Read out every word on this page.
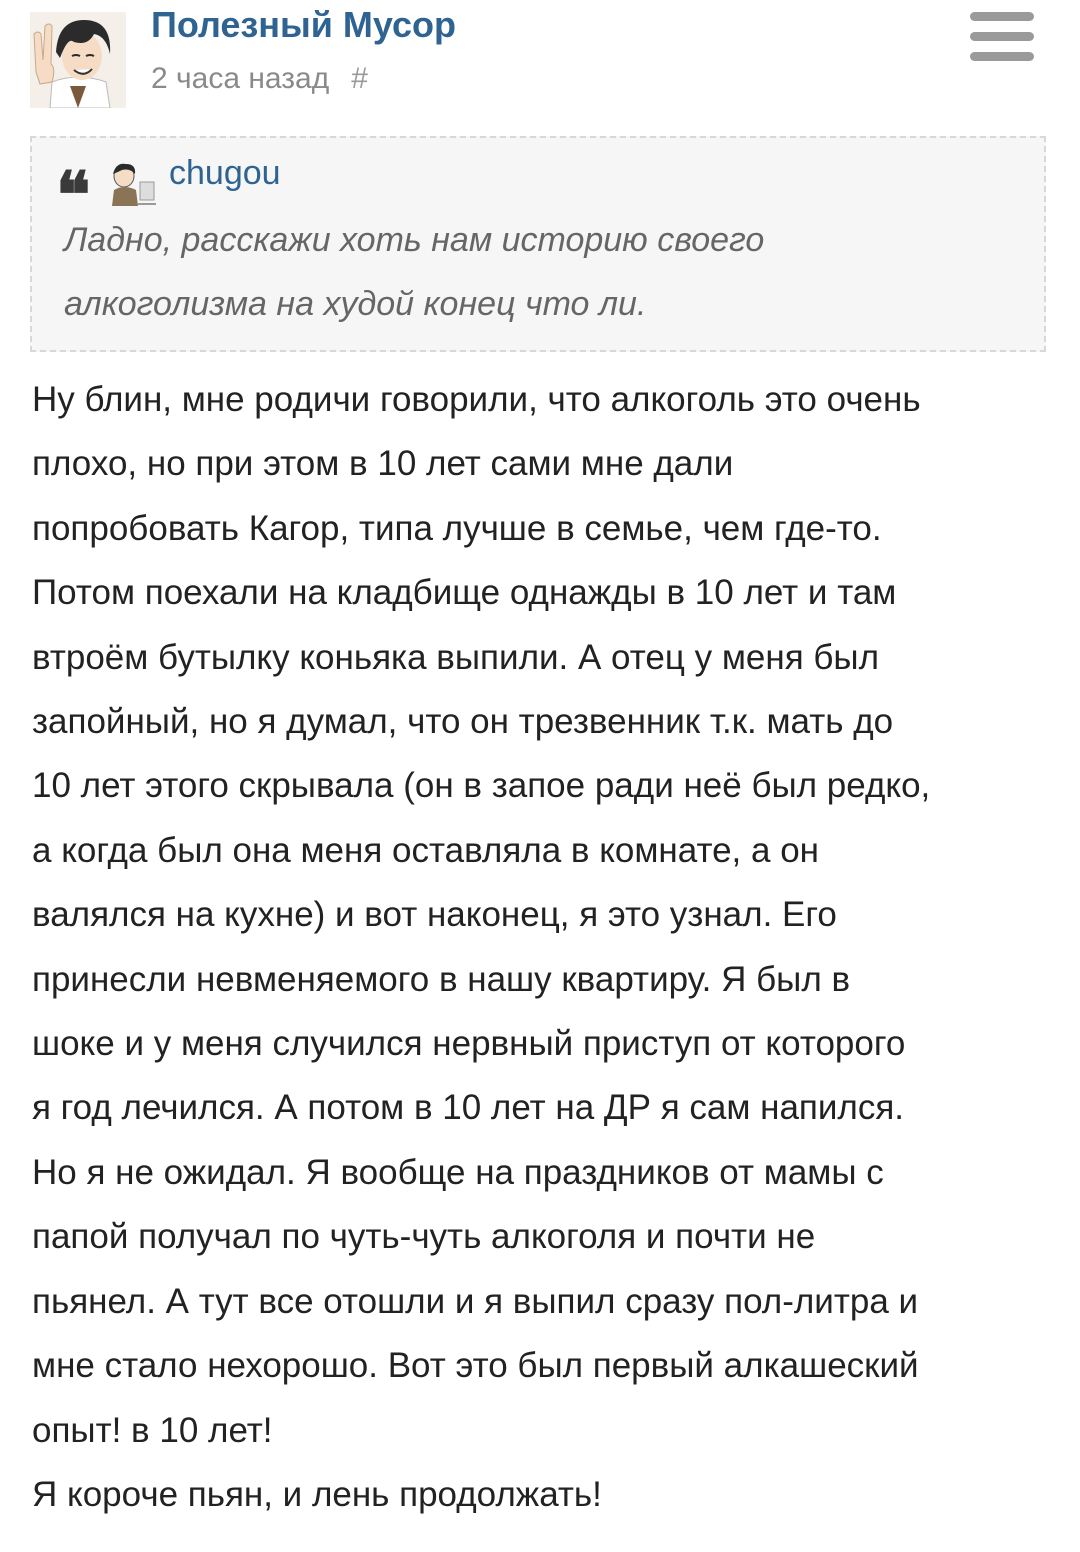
Полезный Мусор
2 часа назад #
❝ chugou

Ладно, расскажи хоть нам историю своего
алкоголизма на худой конец что ли.

Ну блин, мне родичи говорили, что алкоголь это очень
плохо, но при этом в 10 лет сами мне дали
попробовать Кагор, типа лучше в семье, чем где-то.
Потом поехали на кладбище однажды в 10 лет и там
втроём бутылку коньяка выпили. А отец у меня был
запойный, но я думал, что он трезвенник т.к. мать до
10 лет этого скрывала (он в запое ради неё был редко,
а когда был она меня оставляла в комнате, а он
валялся на кухне) и вот наконец, я это узнал. Его
принесли невменяемого в нашу квартиру. Я был в
шоке и у меня случился нервный приступ от которого
я год лечился. А потом в 10 лет на ДР я сам напился.
Но я не ожидал. Я вообще на праздников от мамы с
папой получал по чуть-чуть алкоголя и почти не
пьянел. А тут все отошли и я выпил сразу пол-литра и
мне стало нехорошо. Вот это был первый алкашеский
опыт! в 10 лет!
Я короче пьян, и лень продолжать!
